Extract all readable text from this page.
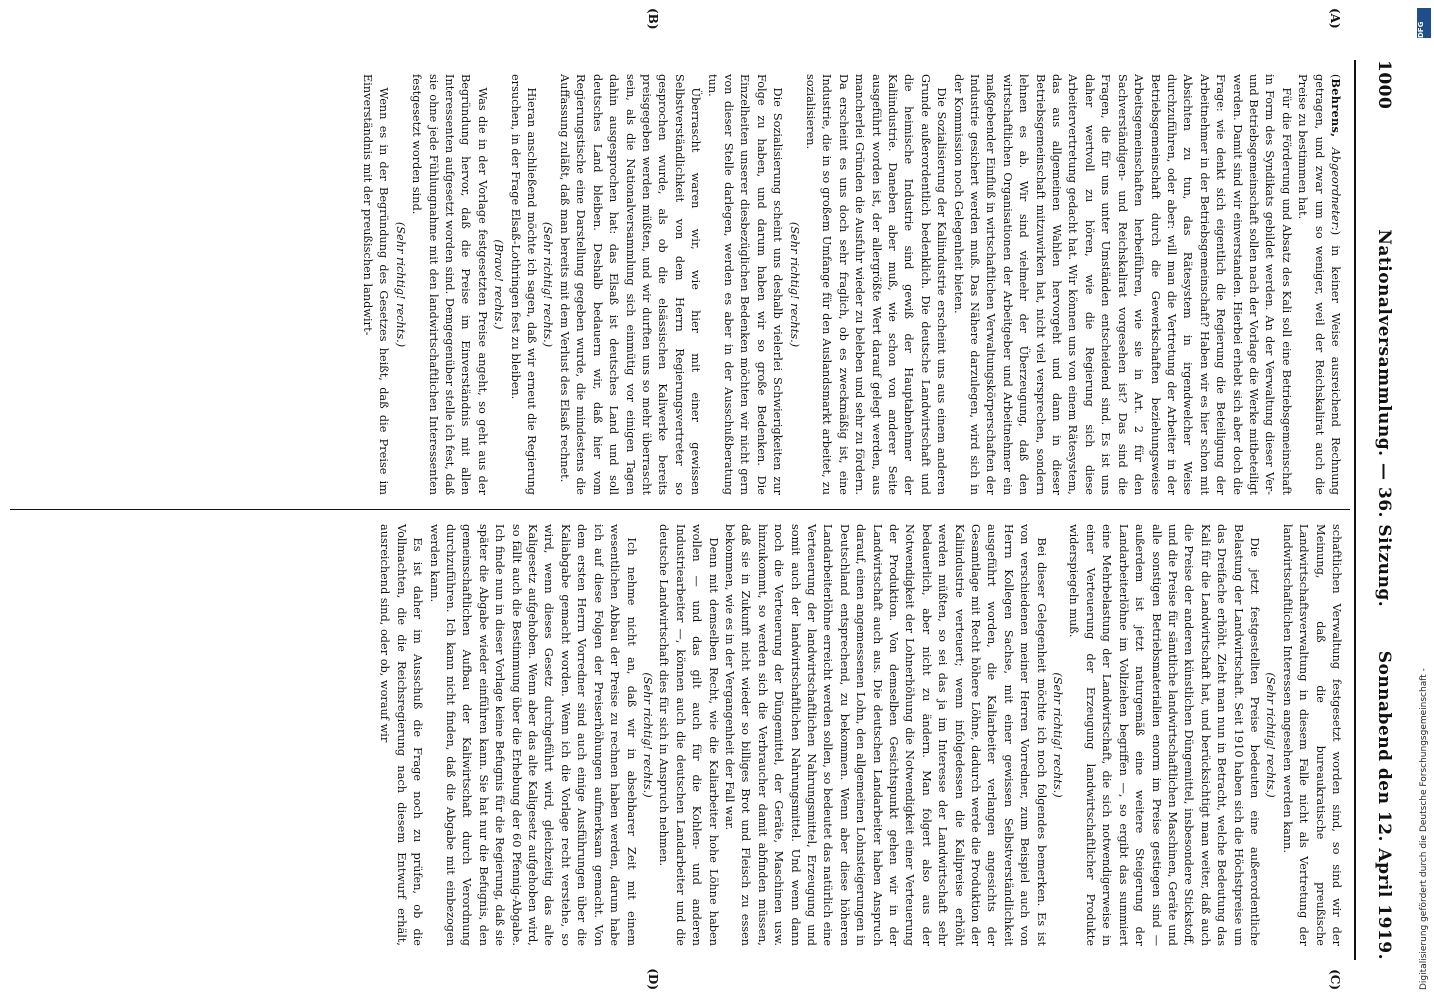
1000
Nationalversammlung. — 36. Sitzung.
Sonnabend den 12. April 1919.
(A)
(B)
(C)
(D)

(Behrens, Abgeordneter:) in keiner Weise ausreichend Rechnung getragen, und zwar um so weniger, weil der Reichskalirat auch die Preise zu bestimmen hat.

Für die Förderung und Absatz des Kali soll eine Betriebsgemeinschaft in Form des Syndikats gebildet werden. An der Verwaltung dieser Ver- und Betriebsgemeinschaft sollen nach der Vorlage die Werke mitbeteiligt werden. Damit sind wir einverstanden. Hierbei erhebt sich aber doch die Frage: wie denkt sich eigentlich die Regierung die Beteiligung der Arbeitnehmer in der Betriebsgemeinschaft? Haben wir es hier schon mit Absichten zu tun, das Rätesystem in irgendwelcher Weise durchzuführen, oder aber: will man die Vertretung der Arbeiter in der Betriebsgemeinschaft durch die Gewerkschaften beziehungsweise Arbeitsgemeinschaften herbeiführen, wie sie in Art. 2 für den Sachverständigen- und Reichskalirat vorgesehen ist? Das sind die Fragen, die für uns unter Umständen entscheidend sind. Es ist uns daher wertvoll zu hören, wie die Regierung sich diese Arbeitervertretung gedacht hat. Wir können uns von einem Rätesystem, das aus allgemeinen Wahlen hervorgeht und dann in dieser Betriebsgemeinschaft mitzuwirken hat, nicht viel versprechen, sondern lehnen es ab. Wir sind vielmehr der Überzeugung, daß den wirtschaftlichen Organisationen der Arbeitgeber und Arbeitnehmer ein maßgebender Einfluß in wirtschaftlichen Verwaltungskörperschaften der Industrie gesichert werden muß. Das Nähere darzulegen, wird sich in der Kommission noch Gelegenheit bieten.

Die Sozialisierung der Kaliindustrie erscheint uns aus einem anderen Grunde außerordentlich bedenklich. Die deutsche Landwirtschaft und die heimische Industrie sind gewiß der Hauptabnehmer der Kaliindustrie. Daneben aber muß, wie schon von anderer Seite ausgeführt worden ist, der allergrößte Wert darauf gelegt werden, aus mancherlei Gründen die Ausfuhr wieder zu beleben und sehr zu fördern. Da erscheint es uns doch sehr fraglich, ob es zweckmäßig ist, eine Industrie, die in so großem Umfange für den Auslandsmarkt arbeitet, zu sozialisieren.

(Sehr richtig! rechts.)

Die Sozialisierung scheint uns deshalb vielerlei Schwierigkeiten zur Folge zu haben, und darum haben wir so große Bedenken. Die Einzelheiten unserer diesbezüglichen Bedenken möchten wir nicht gern von dieser Stelle darlegen, werden es aber in der Ausschußberatung tun.

Überrascht waren wir, wie hier mit einer gewissen Selbstverständlichkeit von dem Herrn Regierungsvertreter so gesprochen wurde, als ob die elsässischen Kaliwerke bereits preisgegeben werden müßten, und wir durften uns so mehr überrascht sein, als die Nationalversammlung sich einmütig vor einigen Tagen dahin ausgesprochen hat: das Elsaß ist deutsches Land und soll deutsches Land bleiben. Deshalb bedauern wir, daß hier vom Regierungstische eine Darstellung gegeben wurde, die mindestens die Auffassung zuläßt, daß man bereits mit dem Verlust des Elsaß rechnet.

(Sehr richtig! rechts.)

Hieran anschließend möchte ich sagen, daß wir erneut die Regierung ersuchen, in der Frage Elsaß-Lothringen fest zu bleiben.

(Bravo! rechts.)

Was die in der Vorlage festgesetzten Preise angeht, so geht aus der Begründung hervor, daß die Preise im Einverständnis mit allen Interessenten aufgesetzt worden sind. Demgegenüber stelle ich fest, daß sie ohne jede Fühlungnahme mit den landwirtschaftlichen Interessenten festgesetzt worden sind.

(Sehr richtig! rechts.)

Wenn es in der Begründung des Gesetzes heißt, daß die Preise im Einverständnis mit der preußischen landwirt-

schaftlichen Verwaltung festgesetzt worden sind, so sind wir der Meinung, daß die bureaukratische preußische Landwirtschaftsverwaltung in diesem Falle nicht als Vertretung der landwirtschaftlichen Interessen angesehen werden kann.

(Sehr richtig! rechts.)

Die jetzt festgestellten Preise bedeuten eine außerordentliche Belastung der Landwirtschaft. Seit 1910 haben sich die Höchstpreise um das Dreifache erhöht. Zieht man nun in Betracht, welche Bedeutung das Kali für die Landwirtschaft hat, und berücksichtigt man weiter, daß auch die Preise der anderen künstlichen Düngemittel, insbesondere Stickstoff, und die Preise für sämtliche landwirtschaftlichen Maschinen, Geräte und alle sonstigen Betriebsmaterialien enorm im Preise gestiegen sind — außerdem ist jetzt naturgemäß eine weitere Steigerung der Landarbeiterlöhne im Vollziehen begriffen —, so ergibt das summiert eine Mehrbelastung der Landwirtschaft, die sich notwendigerweise in einer Verteuerung der Erzeugung landwirtschaftlicher Produkte widerspiegeln muß.

(Sehr richtig! rechts.)

Bei dieser Gelegenheit möchte ich noch folgendes bemerken. Es ist von verschiedenen meiner Herren Vorredner, zum Beispiel auch von Herrn Kollegen Sachse, mit einer gewissen Selbstverständlichkeit ausgeführt worden, die Kaliarbeiter verlangen angesichts der Gesamtlage mit Recht höhere Löhne, dadurch werde die Produktion der Kaliindustrie verteuert; wenn infolgedessen die Kalipreise erhöht werden müßten, so sei das ja im Interesse der Landwirtschaft sehr bedauerlich, aber nicht zu ändern. Man folgert also aus der Notwendigkeit der Lohnerhöhung die Notwendigkeit einer Verteuerung der Produktion. Von demselben Gesichtspunkt gehen wir in der Landwirtschaft auch aus. Die deutschen Landarbeiter haben Anspruch darauf, einen angemessenen Lohn, den allgemeinen Lohnsteigerungen in Deutschland entsprechend, zu bekommen. Wenn aber diese höheren Landarbeiterlöhne erreicht werden sollen, so bedeutet das natürlich eine Verteuerung der landwirtschaftlichen Nahrungsmittel, Erzeugung und somit auch der landwirtschaftlichen Nahrungsmittel. Und wenn dann noch die Verteuerung der Düngemittel, der Geräte, Maschinen usw. hinzukommt, so werden sich die Verbraucher damit abfinden müssen, daß sie in Zukunft nicht wieder so billiges Brot und Fleisch zu essen bekommen, wie es in der Vergangenheit der Fall war.

Denn mit demselben Recht, wie die Kaliarbeiter hohe Löhne haben wollen — und das gilt auch für die Kohlen- und anderen Industriearbeiter —, können auch die deutschen Landarbeiter und die deutsche Landwirtschaft dies für sich in Anspruch nehmen.

(Sehr richtig! rechts.)

Ich nehme nicht an, daß wir in absehbarer Zeit mit einem wesentlichen Abbau der Preise zu rechnen haben werden, darum habe ich auf diese Folgen der Preiserhöhungen aufmerksam gemacht. Von dem ersten Herrn Vorredner sind auch einige Ausführungen über die Kaliabgabe gemacht worden. Wenn ich die Vorlage recht verstehe, so wird, wenn dieses Gesetz durchgeführt wird, gleichzeitig das alte Kaligesetz aufgehoben. Wenn aber das alte Kaligesetz aufgehoben wird, so fällt auch die Bestimmung über die Erhebung der 60 Pfennig-Abgabe. Ich finde nun in dieser Vorlage keine Befugnis für die Regierung, daß sie später die Abgabe wieder einführen kann. Sie hat nur die Befugnis, den gemeinschaftlichen Aufbau der Kaliwirtschaft durch Verordnung durchzuführen. Ich kann nicht finden, daß die Abgabe mit einbezogen werden kann.

Es ist daher im Ausschuß die Frage noch zu prüfen, ob die Vollmachten, die die Reichsregierung nach diesem Entwurf erhält, ausreichend sind, oder ob, worauf wir

DFG
Digitalisierung gefördert durch die Deutsche Forschungsgemeinschaft -
